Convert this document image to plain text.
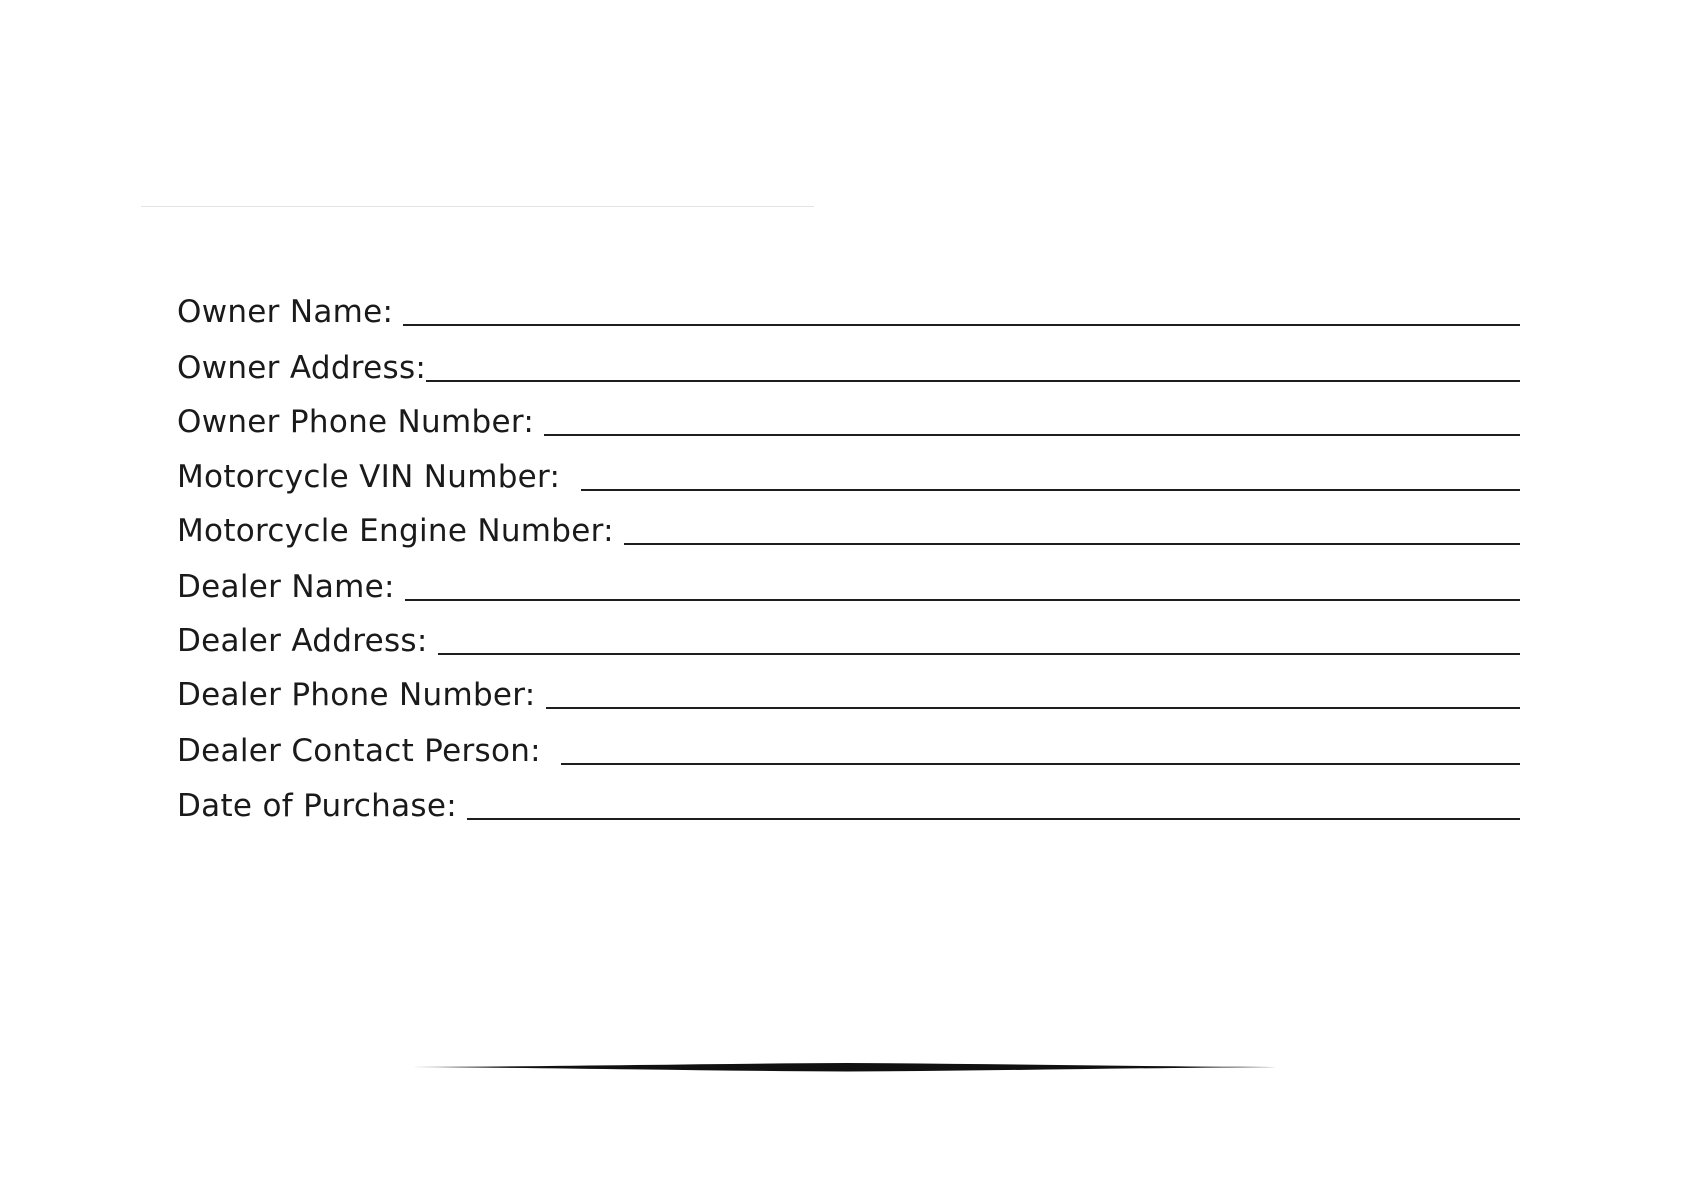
Owner Name:
Owner Address:
Owner Phone Number:
Motorcycle VIN Number:
Motorcycle Engine Number:
Dealer Name:
Dealer Address:
Dealer Phone Number:
Dealer Contact Person:
Date of Purchase:
